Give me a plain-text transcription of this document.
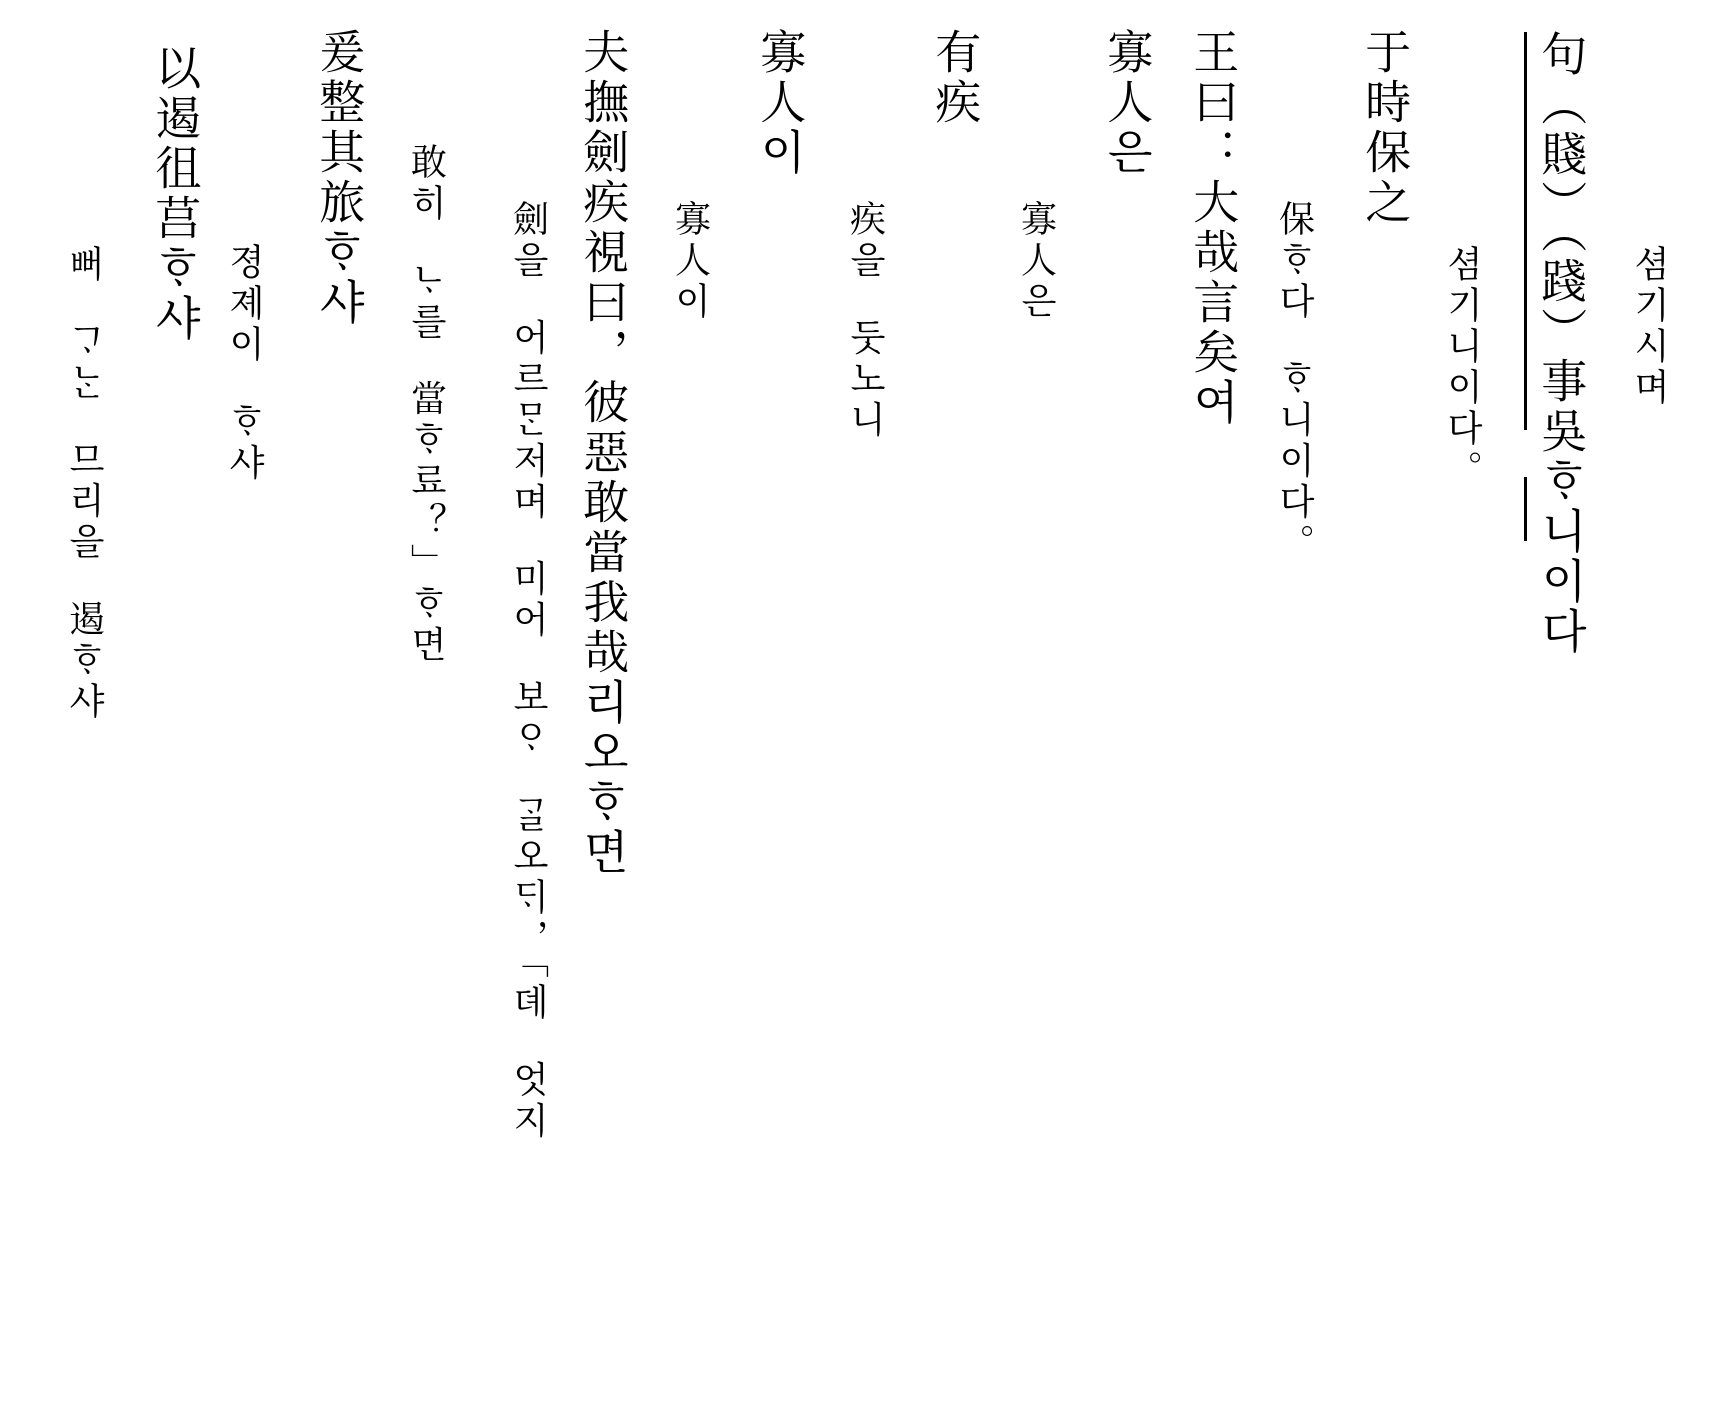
셤기시며
句（賤）（踐）事吳ᄒᆞ니이다
셤기니이다。
于時保之
保ᄒᆞ다 ᄒᆞ니이다。
王曰：大哉言矣여
寡人은
寡人은
有疾
疾을 둣노니
寡人이
寡人이
夫撫劍疾視曰，彼惡敢當我哉리오ᄒᆞ면
劍을 어르ᄆᆞᆫ저며 미어 보ᄋᆞ ᄀᆞᆯ오ᄃᆡ，「뎨 엇지
敢히 ᄂᆞ를 當ᄒᆞ료？」ᄒᆞ면
爰整其旅ᄒᆞ샤
졍졔이 ᄒᆞ샤
以遏徂莒ᄒᆞ샤
뻐 ᄀᆞᄂᆞᆫ 므리을 遏ᄒᆞ샤
